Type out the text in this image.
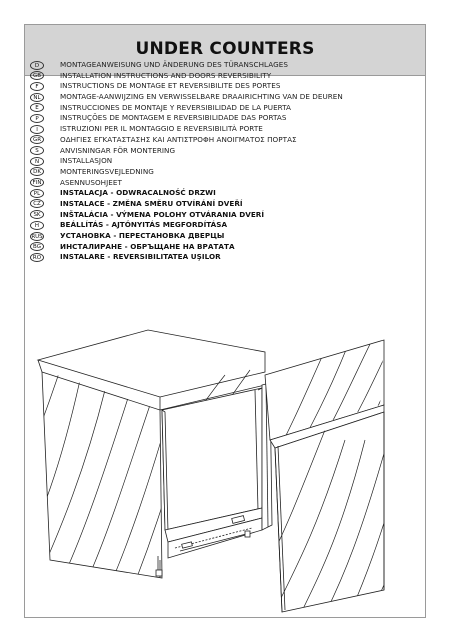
UNDER COUNTERS
D	MONTAGEANWEISUNG UND ÄNDERUNG DES TÜRANSCHLAGES
GB	INSTALLATION INSTRUCTIONS AND DOORS REVERSIBILITY
F	INSTRUCTIONS DE MONTAGE ET REVERSIBILITE DES PORTES
NL	MONTAGE-AANWIJZING EN VERWISSELBARE DRAAIRICHTING VAN DE DEUREN
E	INSTRUCCIONES DE MONTAJE Y REVERSIBILIDAD DE LA PUERTA
P	INSTRUÇÕES DE MONTAGEM E REVERSIBILIDADE DAS PORTAS
I	ISTRUZIONI PER IL MONTAGGIO E REVERSIBILITÀ PORTE
GR	ΟΔΗΓΙΕΣ ΕΓΚΑΤΑΣΤΑΣΗΣ ΚΑΙ ΑΝΤΙΣΤΡΟΦΗ ΑΝΟΙΓΜΑΤΟΣ ΠΟΡΤΑΣ
S	ANVISNINGAR FÖR MONTERING
N	INSTALLASJON
DK	MONTERINGSVEJLEDNING
FIN	ASENNUSOHJEET
PL	INSTALACJA - ODWRACALNOŚĆ DRZWI
CZ	INSTALACE - ZMĚNA SMĚRU OTVÍRÁNÍ DVEŘÍ
SK	INŠTALÁCIA - VÝMENA POLOHY OTVÁRANIA DVERÍ
H	BEÁLLÍTÁS - AJTÓNYITÁS MEGFORDÍTÁSA
RUS УСТАНОВКА - ПЕРЕСТАНОВКА ДВЕРЦЫ
BG	ИНСТАЛИРАНЕ - ОБРЪЩАНЕ НА ВРАТАТА
RO	INSTALARE - REVERSIBILITATEA UŞILOR
